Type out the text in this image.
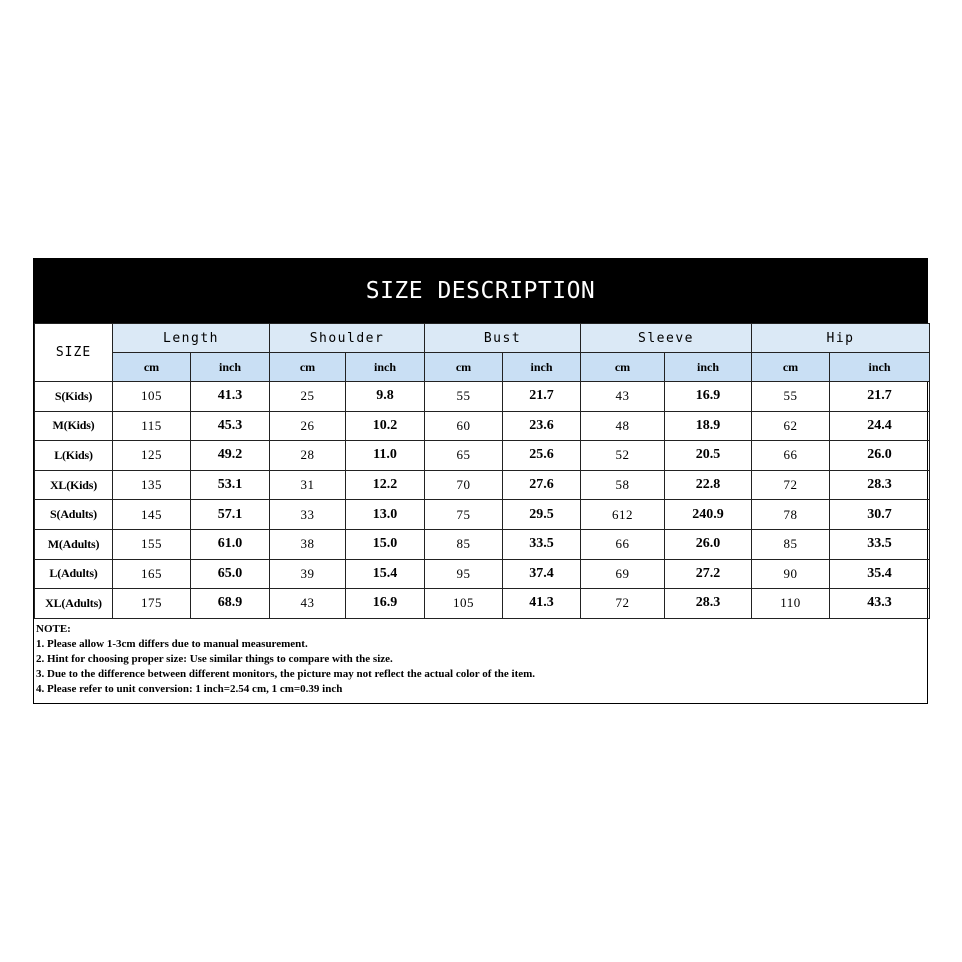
SIZE DESCRIPTION
SIZE	Length		Shoulder		Bust		Sleeve		Hip	
	cm	inch	cm	inch	cm	inch	cm	inch	cm	inch
S(Kids)	105	41.3	25	9.8	55	21.7	43	16.9	55	21.7
M(Kids)	115	45.3	26	10.2	60	23.6	48	18.9	62	24.4
L(Kids)	125	49.2	28	11.0	65	25.6	52	20.5	66	26.0
XL(Kids)	135	53.1	31	12.2	70	27.6	58	22.8	72	28.3
S(Adults)	145	57.1	33	13.0	75	29.5	612	240.9	78	30.7
M(Adults)	155	61.0	38	15.0	85	33.5	66	26.0	85	33.5
L(Adults)	165	65.0	39	15.4	95	37.4	69	27.2	90	35.4
XL(Adults)	175	68.9	43	16.9	105	41.3	72	28.3	110	43.3
NOTE:
1. Please allow 1-3cm differs due to manual measurement.
2. Hint for choosing proper size: Use similar things to compare with the size.
3. Due to the difference between different monitors, the picture may not reflect the actual color of the item.
4. Please refer to unit conversion: 1 inch=2.54 cm, 1 cm=0.39 inch
